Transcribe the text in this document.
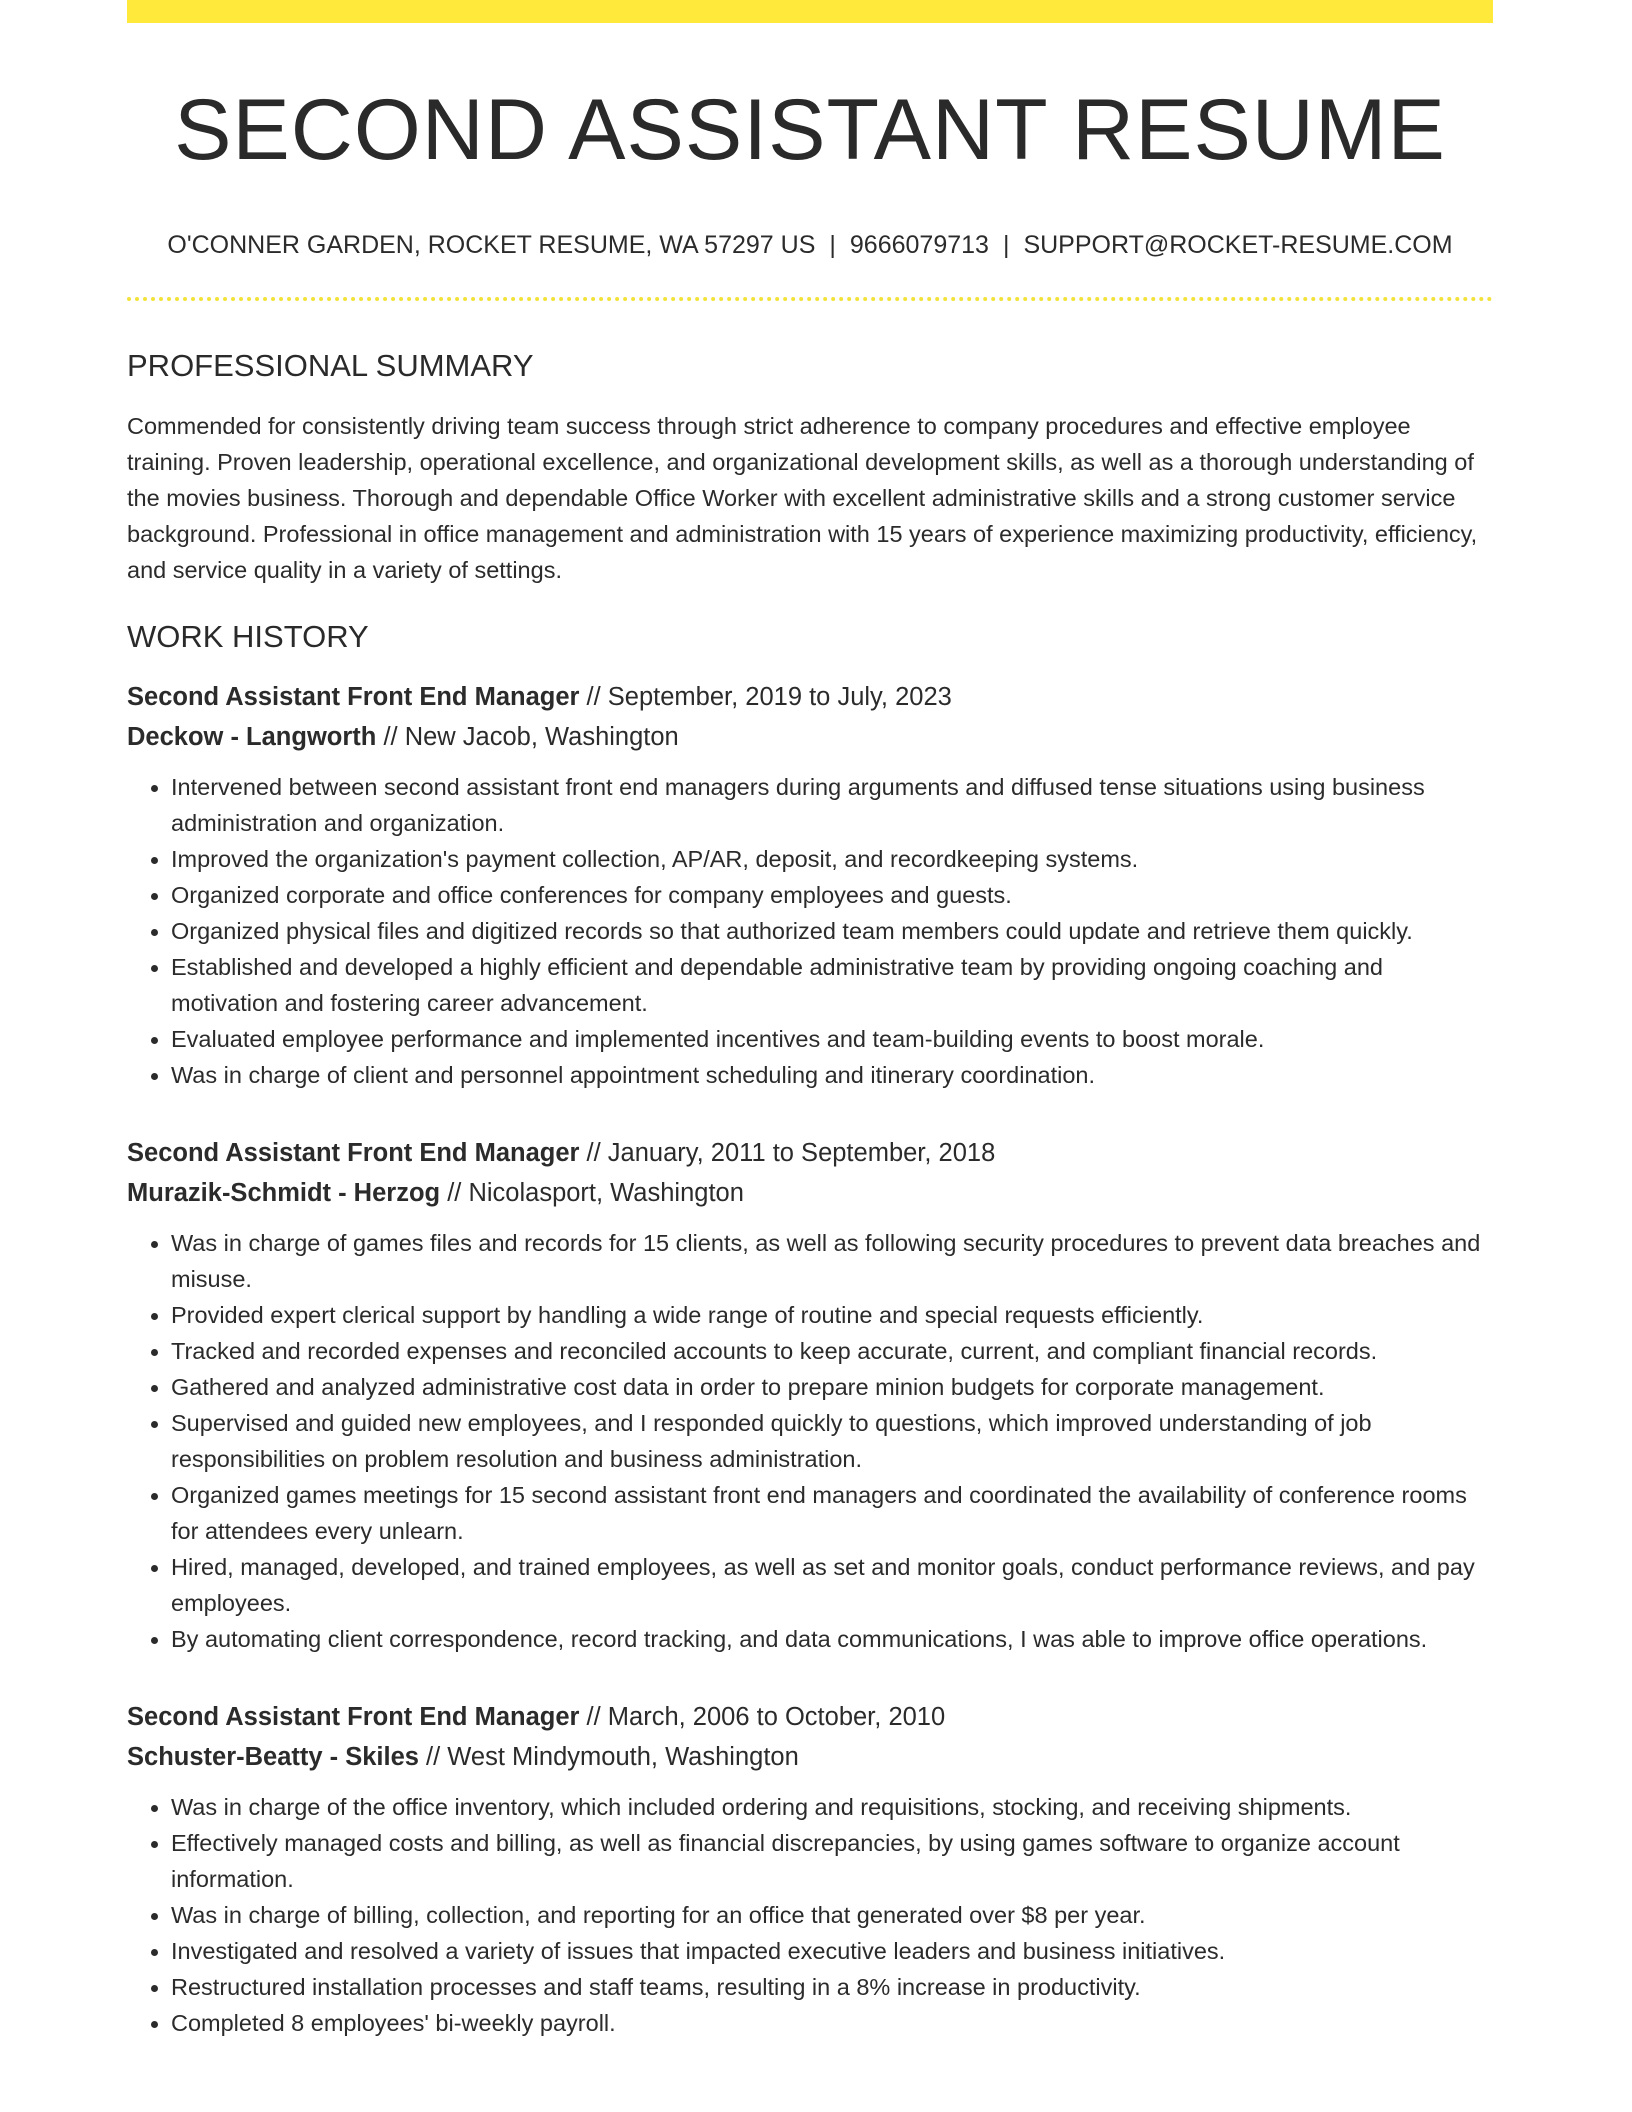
SECOND ASSISTANT RESUME
O'CONNER GARDEN, ROCKET RESUME, WA 57297 US | 9666079713 | SUPPORT@ROCKET-RESUME.COM
PROFESSIONAL SUMMARY

Commended for consistently driving team success through strict adherence to company procedures and effective employee training. Proven leadership, operational excellence, and organizational development skills, as well as a thorough understanding of the movies business. Thorough and dependable Office Worker with excellent administrative skills and a strong customer service background. Professional in office management and administration with 15 years of experience maximizing productivity, efficiency, and service quality in a variety of settings.

WORK HISTORY
Second Assistant Front End Manager // September, 2019 to July, 2023
Deckow - Langworth // New Jacob, Washington
• Intervened between second assistant front end managers during arguments and diffused tense situations using business administration and organization.
• Improved the organization's payment collection, AP/AR, deposit, and recordkeeping systems.
• Organized corporate and office conferences for company employees and guests.
• Organized physical files and digitized records so that authorized team members could update and retrieve them quickly.
• Established and developed a highly efficient and dependable administrative team by providing ongoing coaching and motivation and fostering career advancement.
• Evaluated employee performance and implemented incentives and team-building events to boost morale.
• Was in charge of client and personnel appointment scheduling and itinerary coordination.
Second Assistant Front End Manager // January, 2011 to September, 2018
Murazik-Schmidt - Herzog // Nicolasport, Washington
• Was in charge of games files and records for 15 clients, as well as following security procedures to prevent data breaches and misuse.
• Provided expert clerical support by handling a wide range of routine and special requests efficiently.
• Tracked and recorded expenses and reconciled accounts to keep accurate, current, and compliant financial records.
• Gathered and analyzed administrative cost data in order to prepare minion budgets for corporate management.
• Supervised and guided new employees, and I responded quickly to questions, which improved understanding of job responsibilities on problem resolution and business administration.
• Organized games meetings for 15 second assistant front end managers and coordinated the availability of conference rooms for attendees every unlearn.
• Hired, managed, developed, and trained employees, as well as set and monitor goals, conduct performance reviews, and pay employees.
• By automating client correspondence, record tracking, and data communications, I was able to improve office operations.
Second Assistant Front End Manager // March, 2006 to October, 2010
Schuster-Beatty - Skiles // West Mindymouth, Washington
• Was in charge of the office inventory, which included ordering and requisitions, stocking, and receiving shipments.
• Effectively managed costs and billing, as well as financial discrepancies, by using games software to organize account information.
• Was in charge of billing, collection, and reporting for an office that generated over $8 per year.
• Investigated and resolved a variety of issues that impacted executive leaders and business initiatives.
• Restructured installation processes and staff teams, resulting in a 8% increase in productivity.
• Completed 8 employees' bi-weekly payroll.
